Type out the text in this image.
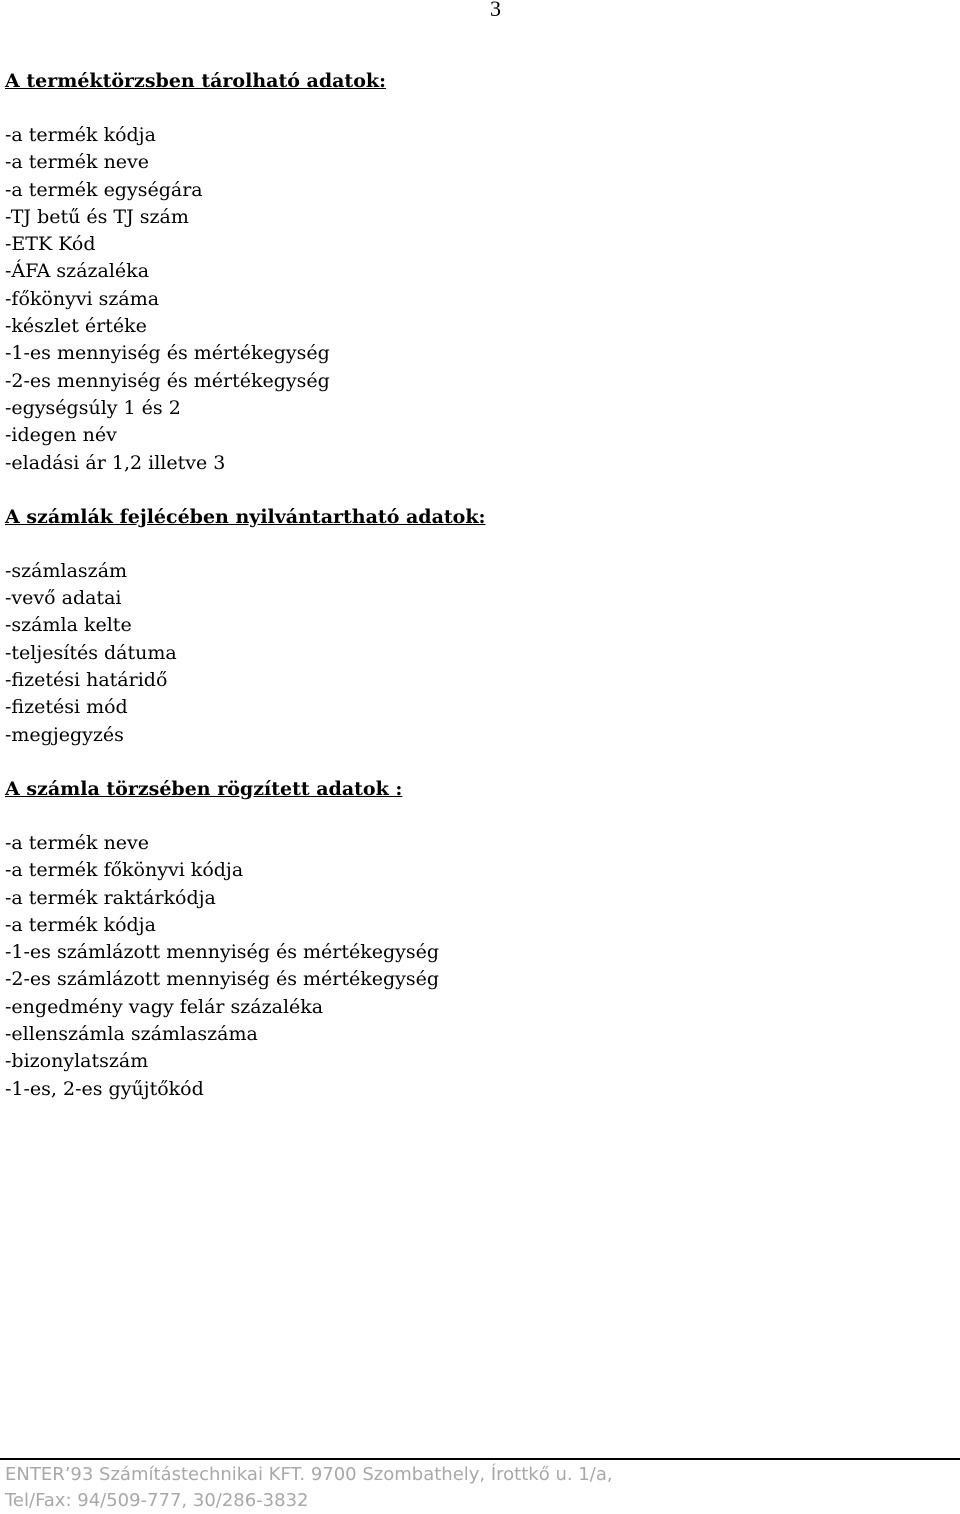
3
A terméktörzsben tárolható adatok:
-a termék kódja
-a termék neve
-a termék egységára
-TJ betű és TJ szám
-ETK Kód
-ÁFA százaléka
-főkönyvi száma
-készlet értéke
-1-es mennyiség és mértékegység
-2-es mennyiség és mértékegység
-egységsúly 1 és 2
-idegen név
-eladási ár 1,2 illetve 3
A számlák fejlécében nyilvántartható adatok:
-számlaszám
-vevő adatai
-számla kelte
-teljesítés dátuma
-fizetési határidő
-fizetési mód
-megjegyzés
A számla törzsében rögzített adatok :
-a termék neve
-a termék főkönyvi kódja
-a termék raktárkódja
-a termék kódja
-1-es számlázott mennyiség és mértékegység
-2-es számlázott mennyiség és mértékegység
-engedmény vagy felár százaléka
-ellenszámla számlaszáma
-bizonylatszám
-1-es, 2-es gyűjtőkód
ENTER’93 Számítástechnikai KFT. 9700 Szombathely, Írottkő u. 1/a,
Tel/Fax: 94/509-777, 30/286-3832
